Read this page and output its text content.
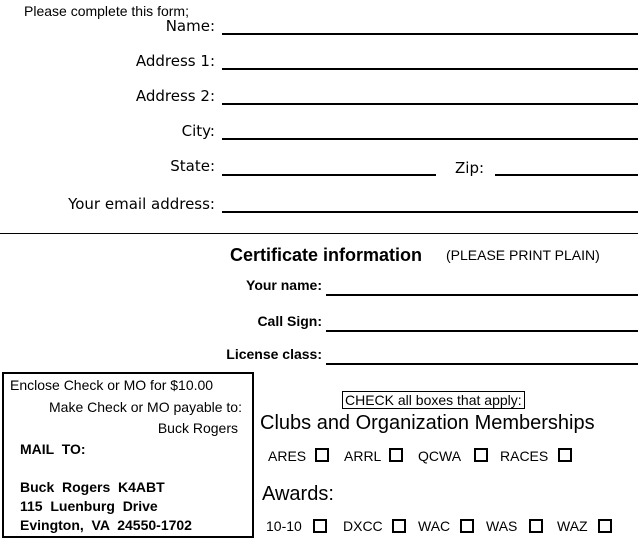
Please complete this form;
Name:
Address 1:
Address 2:
City:
State:	Zip:
Your email address:
Certificate information (PLEASE PRINT PLAIN)
Your name:
Call Sign:
License class:
Enclose Check or MO for $10.00
Make Check or MO payable to:
Buck Rogers
MAIL  TO:
Buck  Rogers  K4ABT
115  Luenburg  Drive
Evington,  VA  24550-1702
CHECK all boxes that apply:
Clubs and Organization Memberships
ARES	ARRL	QCWA	RACES
Awards:
10-10	DXCC	WAC	WAS	WAZ
